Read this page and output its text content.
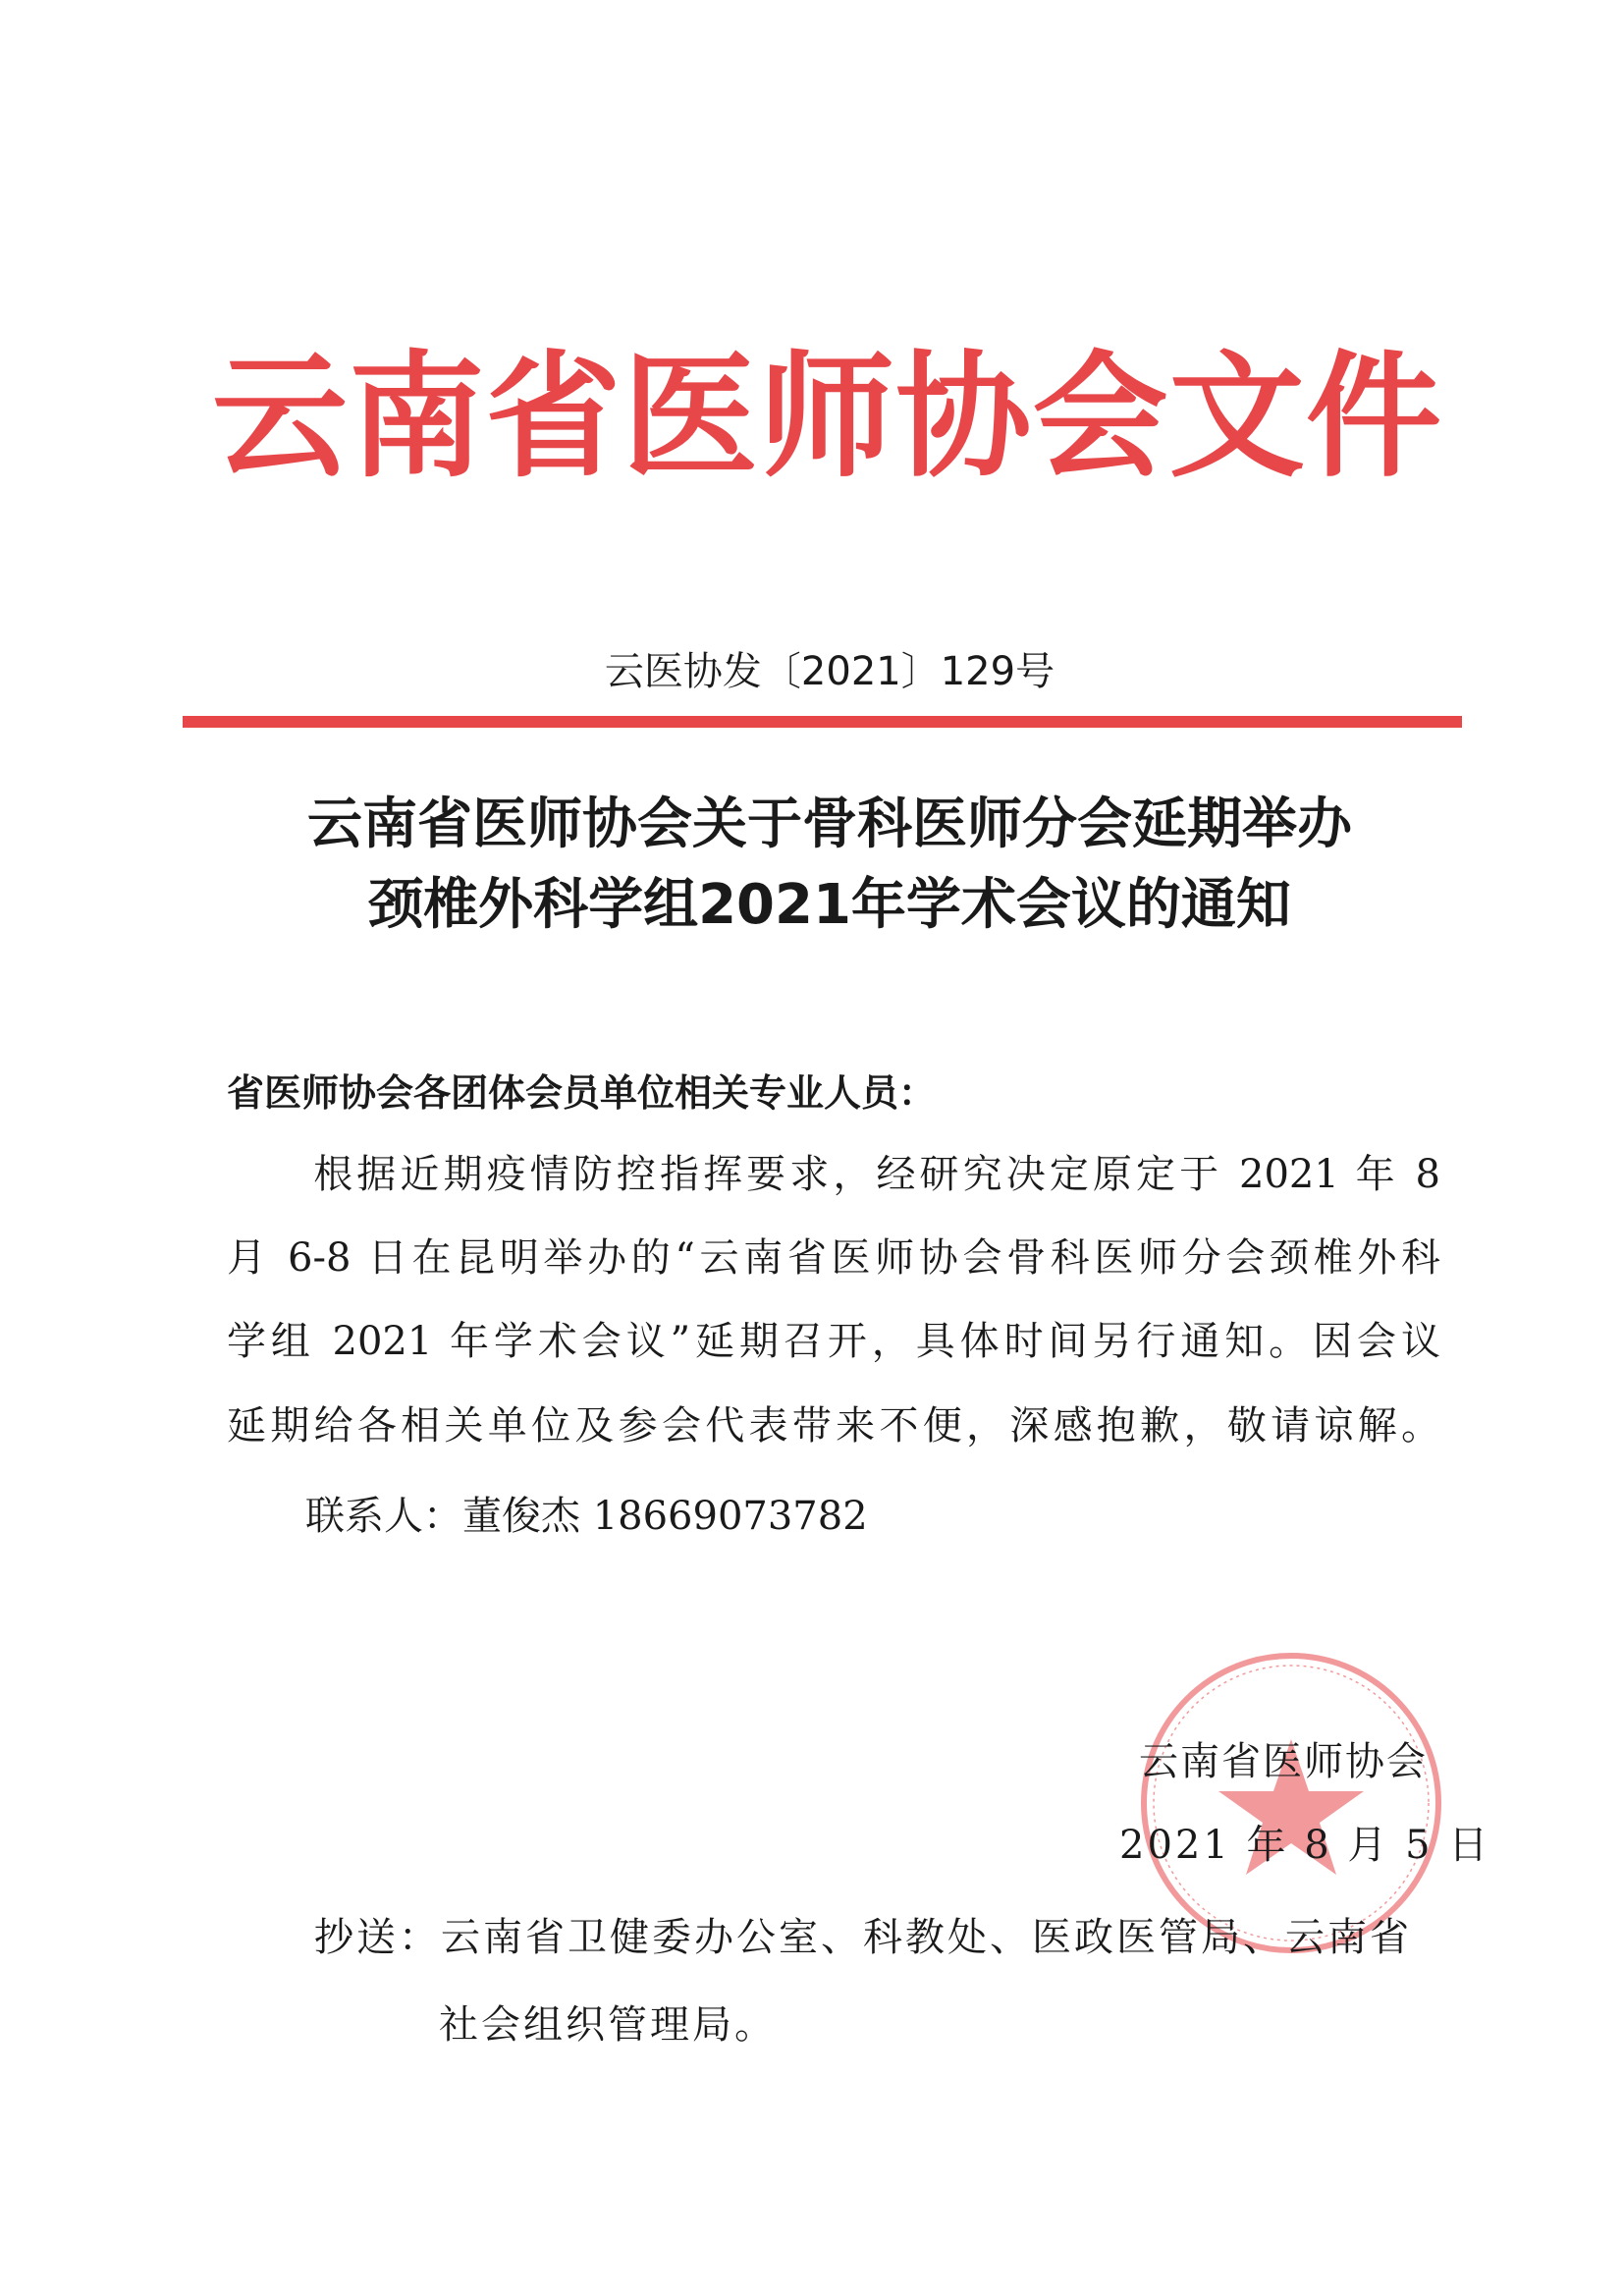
云南省医师协会文件
云医协发〔2021〕129号
云南省医师协会关于骨科医师分会延期举办
颈椎外科学组2021年学术会议的通知
省医师协会各团体会员单位相关专业人员：
　　根据近期疫情防控指挥要求，经研究决定原定于 2021 年 8
月 6-8 日在昆明举办的“云南省医师协会骨科医师分会颈椎外科
学组 2021 年学术会议”延期召开，具体时间另行通知。因会议
延期给各相关单位及参会代表带来不便，深感抱歉，敬请谅解。
　　联系人：董俊杰 18669073782
云南省医师协会
2021 年 8 月 5 日
抄送：云南省卫健委办公室、科教处、医政医管局、云南省
社会组织管理局。
